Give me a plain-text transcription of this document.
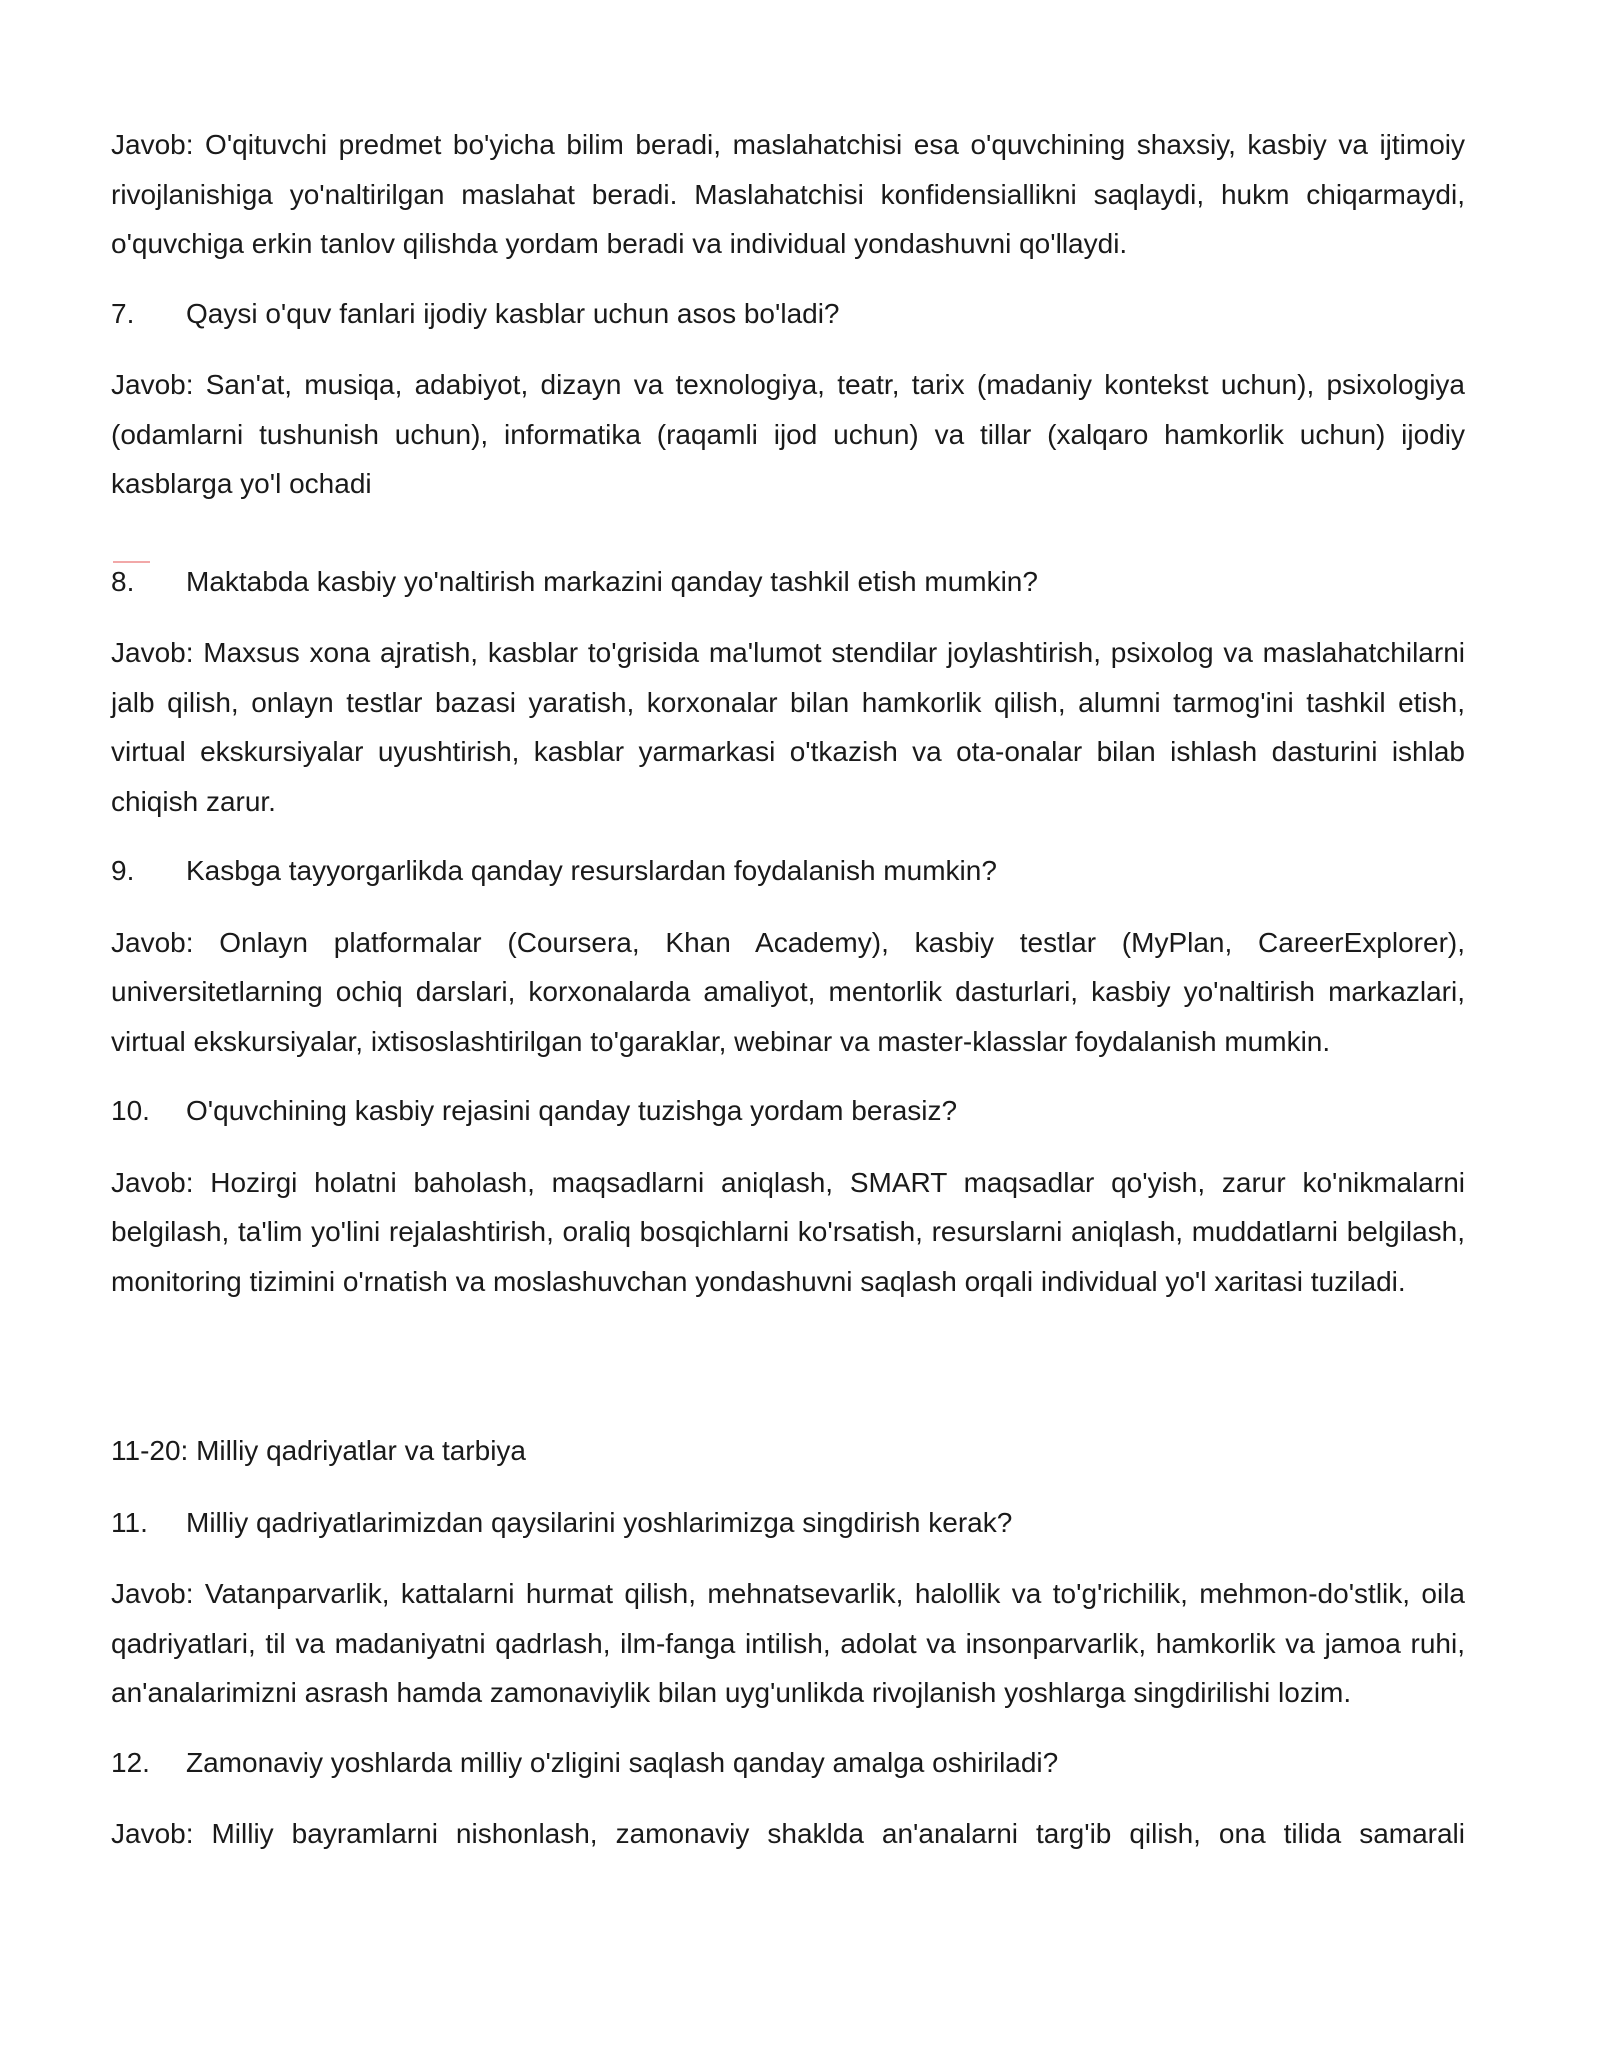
Javob: O'qituvchi predmet bo'yicha bilim beradi, maslahatchisi esa o'quvchining shaxsiy, kasbiy va ijtimoiy rivojlanishiga yo'naltirilgan maslahat beradi. Maslahatchisi konfidensiallikni saqlaydi, hukm chiqarmaydi, o'quvchiga erkin tanlov qilishda yordam beradi va individual yondashuvni qo'llaydi.

7.	Qaysi o'quv fanlari ijodiy kasblar uchun asos bo'ladi?

Javob: San'at, musiqa, adabiyot, dizayn va texnologiya, teatr, tarix (madaniy kontekst uchun), psixologiya (odamlarni tushunish uchun), informatika (raqamli ijod uchun) va tillar (xalqaro hamkorlik uchun) ijodiy kasblarga yo'l ochadi

8.	Maktabda kasbiy yo'naltirish markazini qanday tashkil etish mumkin?

Javob: Maxsus xona ajratish, kasblar to'grisida ma'lumot stendilar joylashtirish, psixolog va maslahatchilarni jalb qilish, onlayn testlar bazasi yaratish, korxonalar bilan hamkorlik qilish, alumni tarmog'ini tashkil etish, virtual ekskursiyalar uyushtirish, kasblar yarmarkasi o'tkazish va ota-onalar bilan ishlash dasturini ishlab chiqish zarur.

9.	Kasbga tayyorgarlikda qanday resurslardan foydalanish mumkin?

Javob: Onlayn platformalar (Coursera, Khan Academy), kasbiy testlar (MyPlan, CareerExplorer), universitetlarning ochiq darslari, korxonalarda amaliyot, mentorlik dasturlari, kasbiy yo'naltirish markazlari, virtual ekskursiyalar, ixtisoslashtirilgan to'garaklar, webinar va master-klasslar foydalanish mumkin.

10.	O'quvchining kasbiy rejasini qanday tuzishga yordam berasiz?

Javob: Hozirgi holatni baholash, maqsadlarni aniqlash, SMART maqsadlar qo'yish, zarur ko'nikmalarni belgilash, ta'lim yo'lini rejalashtirish, oraliq bosqichlarni ko'rsatish, resurslarni aniqlash, muddatlarni belgilash, monitoring tizimini o'rnatish va moslashuvchan yondashuvni saqlash orqali individual yo'l xaritasi tuziladi.

11-20: Milliy qadriyatlar va tarbiya
11.	Milliy qadriyatlarimizdan qaysilarini yoshlarimizga singdirish kerak?

Javob: Vatanparvarlik, kattalarni hurmat qilish, mehnatsevarlik, halollik va to'g'richilik, mehmon-do'stlik, oila qadriyatlari, til va madaniyatni qadrlash, ilm-fanga intilish, adolat va insonparvarlik, hamkorlik va jamoa ruhi, an'analarimizni asrash hamda zamonaviylik bilan uyg'unlikda rivojlanish yoshlarga singdirilishi lozim.

12.	Zamonaviy yoshlarda milliy o'zligini saqlash qanday amalga oshiriladi?

Javob: Milliy bayramlarni nishonlash, zamonaviy shaklda an'analarni targ'ib qilish, ona tilida samarali
